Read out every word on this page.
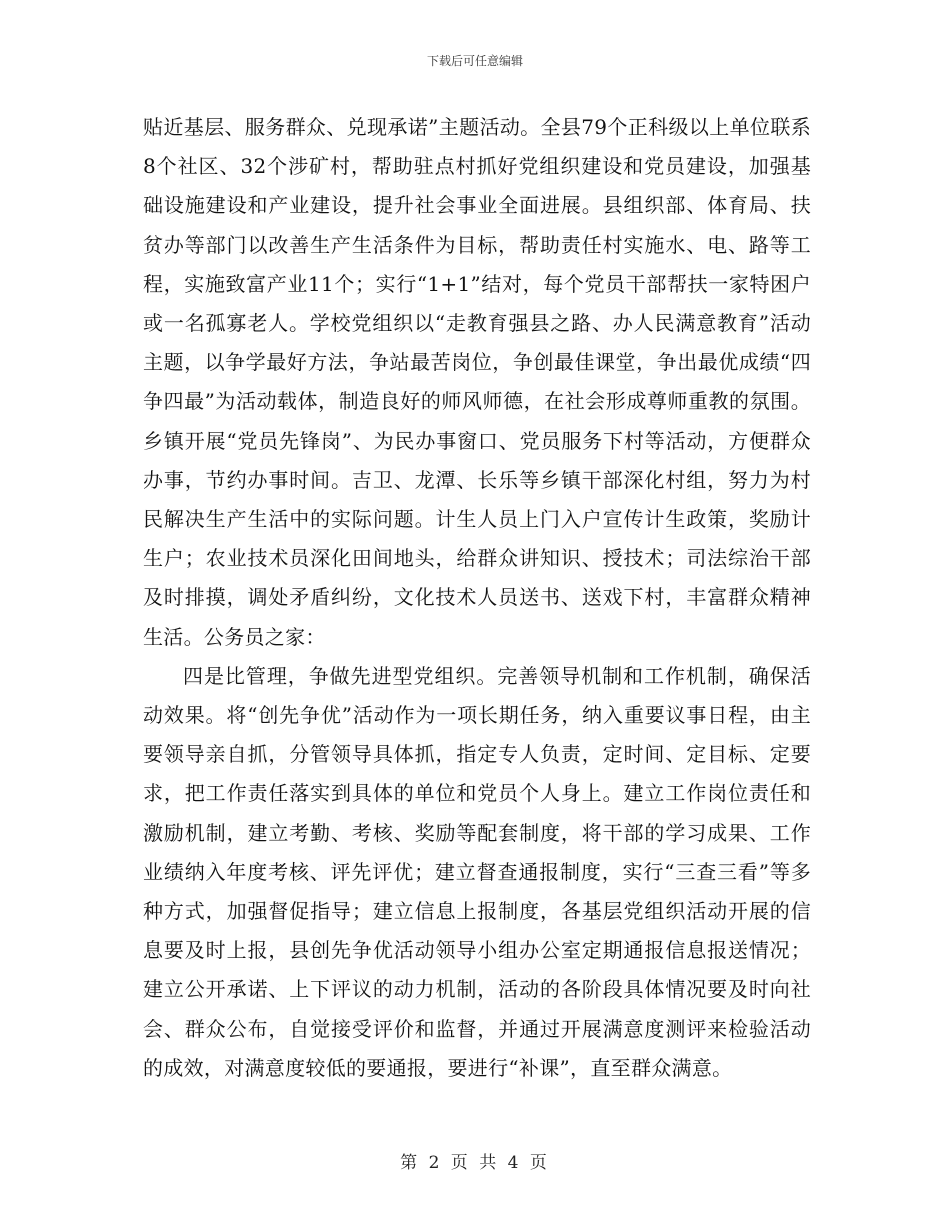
下载后可任意编辑

贴近基层、服务群众、兑现承诺”主题活动。全县79个正科级以上单位联系8个社区、32个涉矿村，帮助驻点村抓好党组织建设和党员建设，加强基础设施建设和产业建设，提升社会事业全面进展。县组织部、体育局、扶贫办等部门以改善生产生活条件为目标，帮助责任村实施水、电、路等工程，实施致富产业11个；实行“1+1”结对，每个党员干部帮扶一家特困户或一名孤寡老人。学校党组织以“走教育强县之路、办人民满意教育”活动主题，以争学最好方法，争站最苦岗位，争创最佳课堂，争出最优成绩“四争四最”为活动载体，制造良好的师风师德，在社会形成尊师重教的氛围。乡镇开展“党员先锋岗”、为民办事窗口、党员服务下村等活动，方便群众办事，节约办事时间。吉卫、龙潭、长乐等乡镇干部深化村组，努力为村民解决生产生活中的实际问题。计生人员上门入户宣传计生政策，奖励计生户；农业技术员深化田间地头，给群众讲知识、授技术；司法综治干部及时排摸，调处矛盾纠纷，文化技术人员送书、送戏下村，丰富群众精神生活。公务员之家：

四是比管理，争做先进型党组织。完善领导机制和工作机制，确保活动效果。将“创先争优”活动作为一项长期任务，纳入重要议事日程，由主要领导亲自抓，分管领导具体抓，指定专人负责，定时间、定目标、定要求，把工作责任落实到具体的单位和党员个人身上。建立工作岗位责任和激励机制，建立考勤、考核、奖励等配套制度，将干部的学习成果、工作业绩纳入年度考核、评先评优；建立督查通报制度，实行“三查三看”等多种方式，加强督促指导；建立信息上报制度，各基层党组织活动开展的信息要及时上报，县创先争优活动领导小组办公室定期通报信息报送情况；建立公开承诺、上下评议的动力机制，活动的各阶段具体情况要及时向社会、群众公布，自觉接受评价和监督，并通过开展满意度测评来检验活动的成效，对满意度较低的要通报，要进行“补课”，直至群众满意。

第 2 页 共 4 页
